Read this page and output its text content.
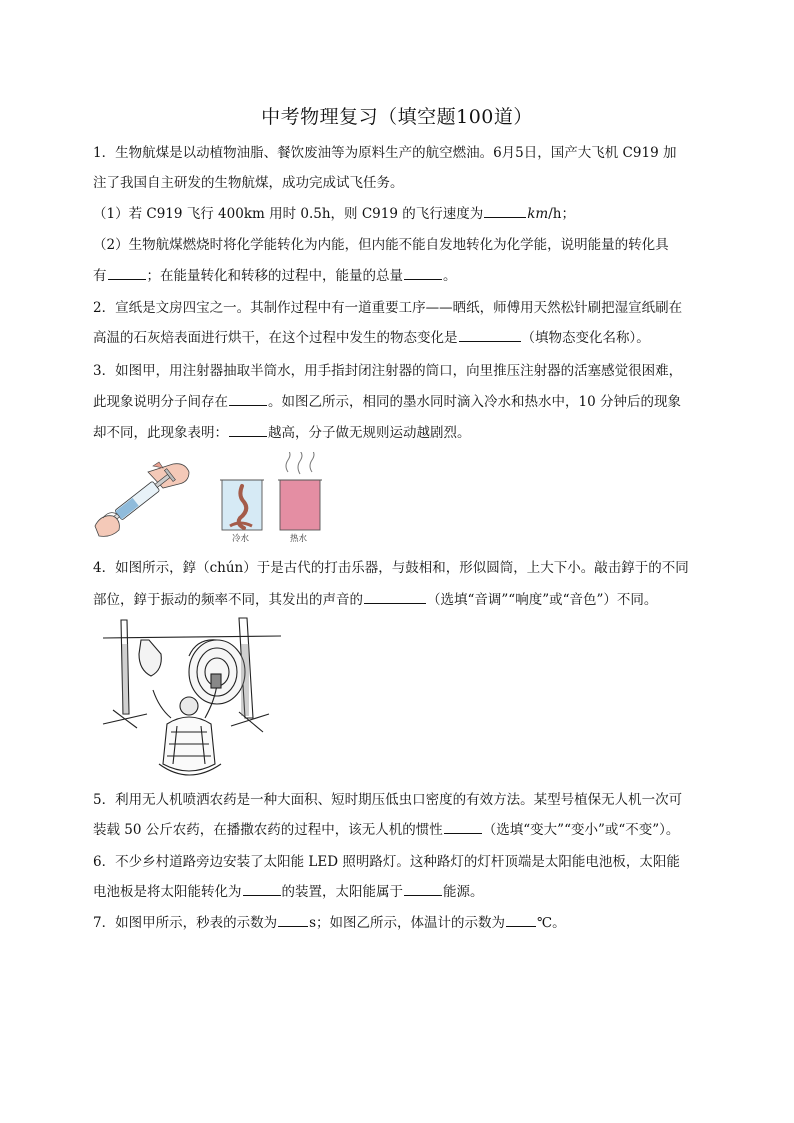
中考物理复习（填空题100道）
1．生物航煤是以动植物油脂、餐饮废油等为原料生产的航空燃油。6月5日，国产大飞机 C919 加
注了我国自主研发的生物航煤，成功完成试飞任务。
（1）若 C919 飞行 400km 用时 0.5h，则 C919 的飞行速度为	km/h；
（2）生物航煤燃烧时将化学能转化为内能，但内能不能自发地转化为化学能，说明能量的转化具
有	；在能量转化和转移的过程中，能量的总量	。
2．宣纸是文房四宝之一。其制作过程中有一道重要工序——晒纸，师傅用天然松针刷把湿宣纸刷在
高温的石灰焙表面进行烘干，在这个过程中发生的物态变化是	（填物态变化名称）。
3．如图甲，用注射器抽取半筒水，用手指封闭注射器的筒口，向里推压注射器的活塞感觉很困难，
此现象说明分子间存在	。如图乙所示，相同的墨水同时滴入冷水和热水中，10 分钟后的现象
却不同，此现象表明：	越高，分子做无规则运动越剧烈。
冷水	热水
4．如图所示，錞（chún）于是古代的打击乐器，与鼓相和，形似圆筒，上大下小。敲击錞于的不同
部位，錞于振动的频率不同，其发出的声音的	（选填“音调”“响度”或“音色”）不同。
5．利用无人机喷洒农药是一种大面积、短时期压低虫口密度的有效方法。某型号植保无人机一次可
装载 50 公斤农药，在播撒农药的过程中，该无人机的惯性	（选填“变大”“变小”或“不变”）。
6．不少乡村道路旁边安装了太阳能 LED 照明路灯。这种路灯的灯杆顶端是太阳能电池板，太阳能
电池板是将太阳能转化为	的装置，太阳能属于	能源。
7．如图甲所示，秒表的示数为 s；如图乙所示，体温计的示数为 ℃。
